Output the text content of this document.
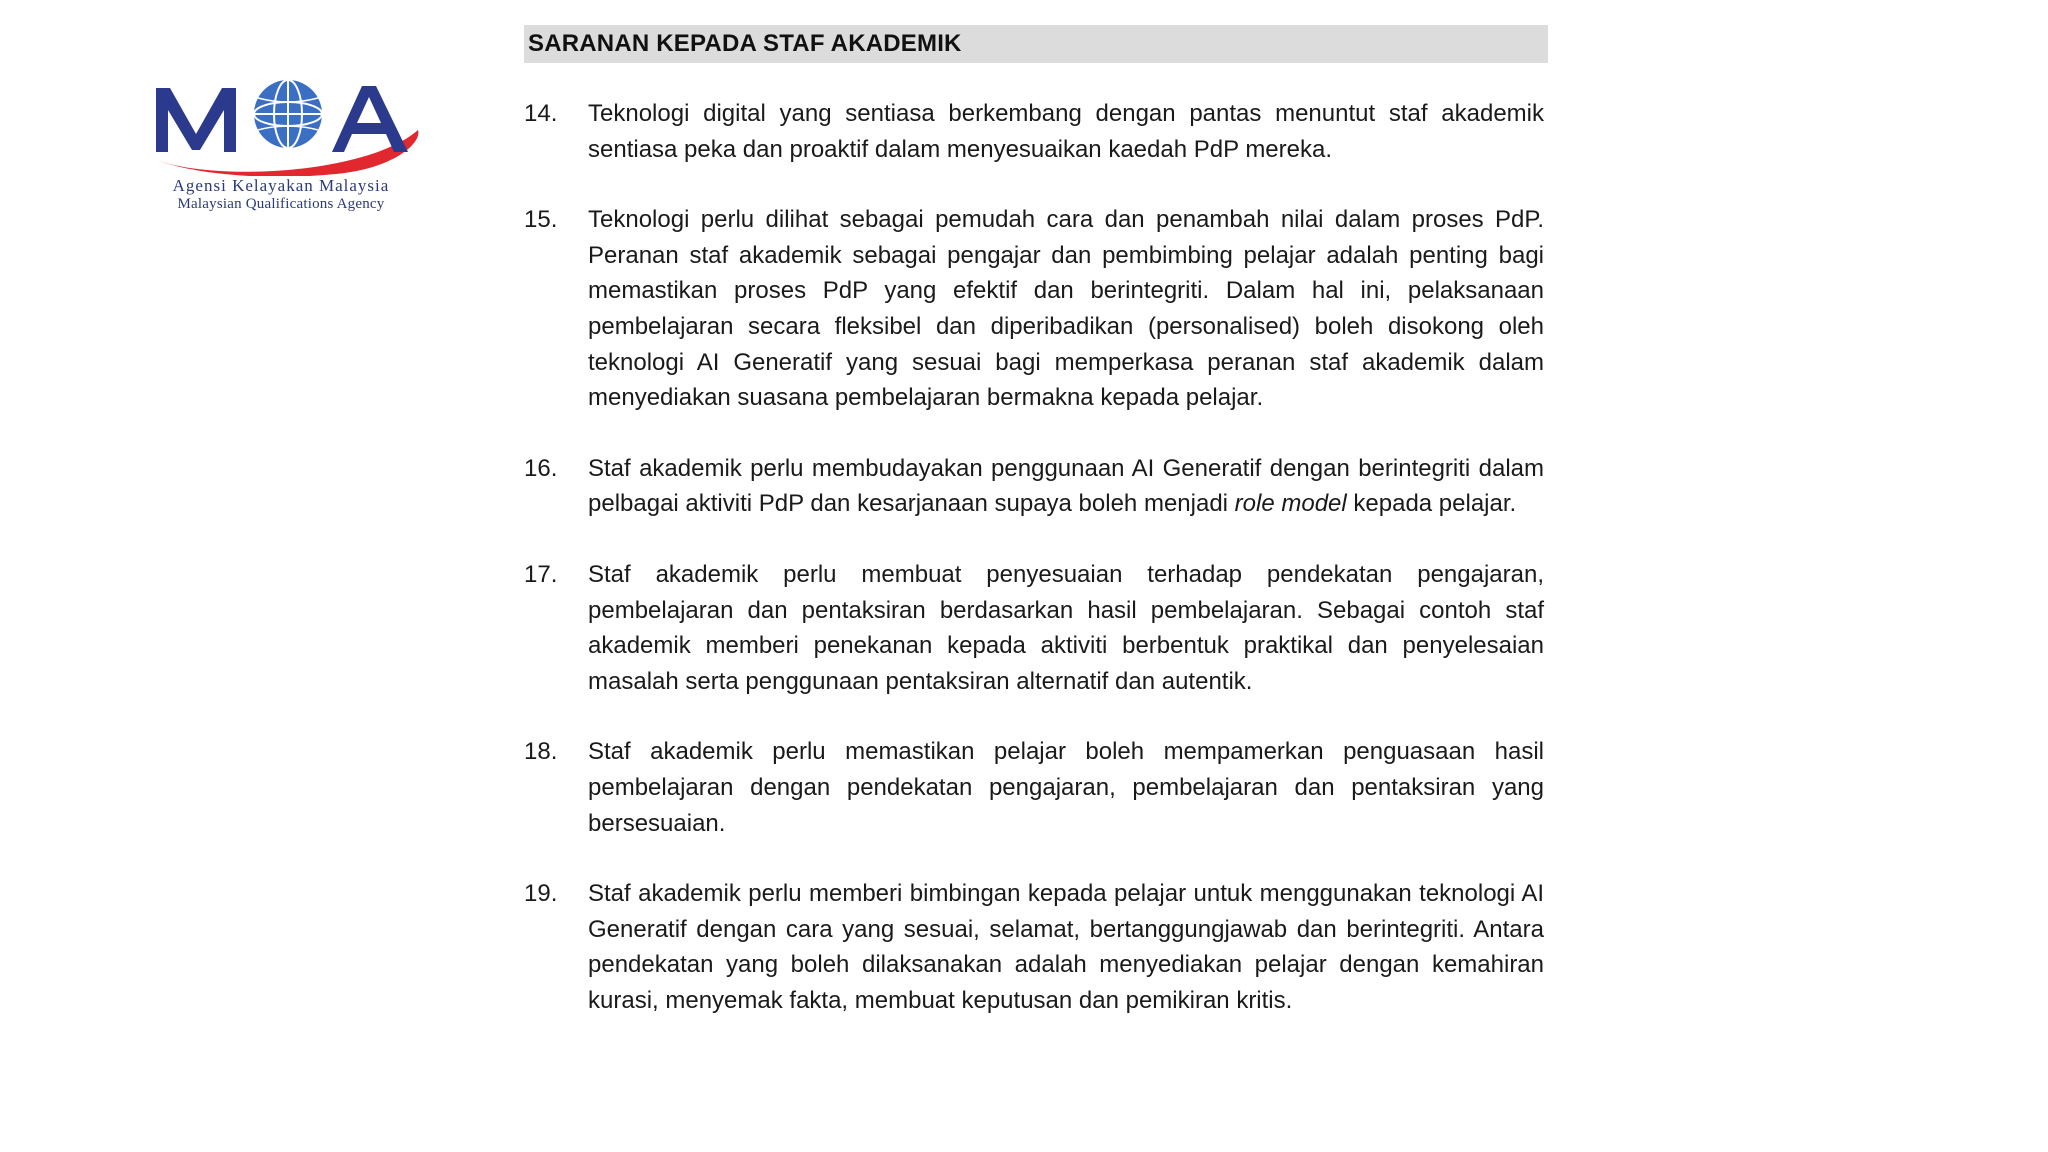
Agensi Kelayakan Malaysia
Malaysian Qualifications Agency
SARANAN KEPADA STAF AKADEMIK
14.	Teknologi digital yang sentiasa berkembang dengan pantas menuntut staf akademik sentiasa peka dan proaktif dalam menyesuaikan kaedah PdP mereka.
15.	Teknologi perlu dilihat sebagai pemudah cara dan penambah nilai dalam proses PdP. Peranan staf akademik sebagai pengajar dan pembimbing pelajar adalah penting bagi memastikan proses PdP yang efektif dan berintegriti. Dalam hal ini, pelaksanaan pembelajaran secara fleksibel dan diperibadikan (personalised) boleh disokong oleh teknologi AI Generatif yang sesuai bagi memperkasa peranan staf akademik dalam menyediakan suasana pembelajaran bermakna kepada pelajar.
16.	Staf akademik perlu membudayakan penggunaan AI Generatif dengan berintegriti dalam pelbagai aktiviti PdP dan kesarjanaan supaya boleh menjadi role model kepada pelajar.
17.	Staf akademik perlu membuat penyesuaian terhadap pendekatan pengajaran, pembelajaran dan pentaksiran berdasarkan hasil pembelajaran. Sebagai contoh staf akademik memberi penekanan kepada aktiviti berbentuk praktikal dan penyelesaian masalah serta penggunaan pentaksiran alternatif dan autentik.
18.	Staf akademik perlu memastikan pelajar boleh mempamerkan penguasaan hasil pembelajaran dengan pendekatan pengajaran, pembelajaran dan pentaksiran yang bersesuaian.
19.	Staf akademik perlu memberi bimbingan kepada pelajar untuk menggunakan teknologi AI Generatif dengan cara yang sesuai, selamat, bertanggungjawab dan berintegriti. Antara pendekatan yang boleh dilaksanakan adalah menyediakan pelajar dengan kemahiran kurasi, menyemak fakta, membuat keputusan dan pemikiran kritis.
